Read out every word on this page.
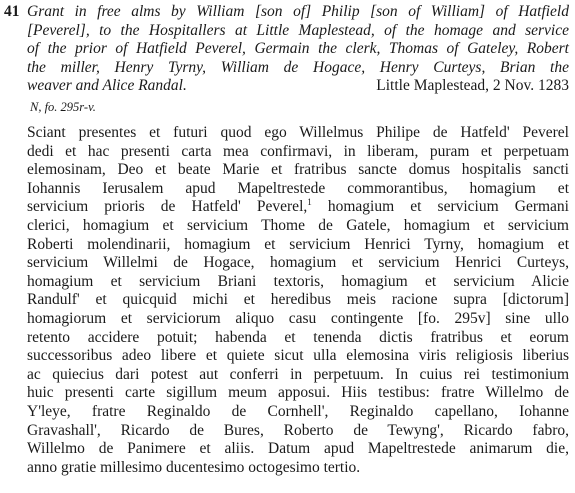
41 Grant in free alms by William [son of] Philip [son of William] of Hatfield
[Peverel], to the Hospitallers at Little Maplestead, of the homage and service
of the prior of Hatfield Peverel, Germain the clerk, Thomas of Gateley, Robert
the miller, Henry Tyrny, William de Hogace, Henry Curteys, Brian the
weaver and Alice Randal.	Little Maplestead, 2 Nov. 1283
N, fo. 295r-v.
Sciant presentes et futuri quod ego Willelmus Philipe de Hatfeld' Peverel
dedi et hac presenti carta mea confirmavi, in liberam, puram et perpetuam
elemosinam, Deo et beate Marie et fratribus sancte domus hospitalis sancti
Iohannis Ierusalem apud Mapeltrestede commorantibus, homagium et
servicium prioris de Hatfeld' Peverel,$^1$ homagium et servicium Germani
clerici, homagium et servicium Thome de Gatele, homagium et servicium
Roberti molendinarii, homagium et servicium Henrici Tyrny, homagium et
servicium Willelmi de Hogace, homagium et servicium Henrici Curteys,
homagium et servicium Briani textoris, homagium et servicium Alicie
Randulf' et quicquid michi et heredibus meis racione supra [dictorum]
homagiorum et serviciorum aliquo casu contingente [fo. 295v] sine ullo
retento accidere potuit; habenda et tenenda dictis fratribus et eorum
successoribus adeo libere et quiete sicut ulla elemosina viris religiosis liberius
ac quiecius dari potest aut conferri in perpetuum. In cuius rei testimonium
huic presenti carte sigillum meum apposui. Hiis testibus: fratre Willelmo de
Y'leye, fratre Reginaldo de Cornhell', Reginaldo capellano, Iohanne
Gravashall', Ricardo de Bures, Roberto de Tewyng', Ricardo fabro,
Willelmo de Panimere et aliis. Datum apud Mapeltrestede animarum die,
anno gratie millesimo ducentesimo octogesimo tertio.
